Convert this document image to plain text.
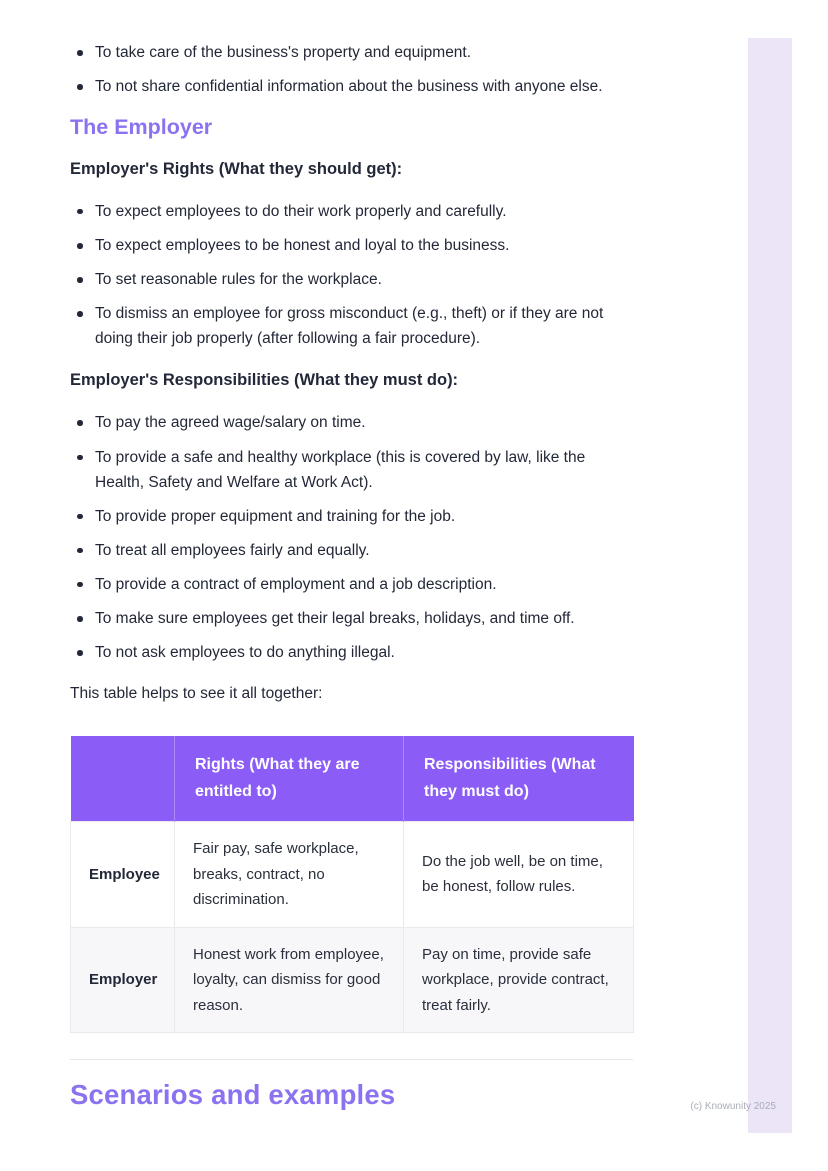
To take care of the business's property and equipment.
To not share confidential information about the business with anyone else.
The Employer

Employer's Rights (What they should get):

To expect employees to do their work properly and carefully.
To expect employees to be honest and loyal to the business.
To set reasonable rules for the workplace.
To dismiss an employee for gross misconduct (e.g., theft) or if they are not doing their job properly (after following a fair procedure).

Employer's Responsibilities (What they must do):

To pay the agreed wage/salary on time.
To provide a safe and healthy workplace (this is covered by law, like the Health, Safety and Welfare at Work Act).
To provide proper equipment and training for the job.
To treat all employees fairly and equally.
To provide a contract of employment and a job description.
To make sure employees get their legal breaks, holidays, and time off.
To not ask employees to do anything illegal.

This table helps to see it all together:

	Rights (What they are entitled to)	Responsibilities (What they must do)
Employee	Fair pay, safe workplace, breaks, contract, no discrimination.	Do the job well, be on time, be honest, follow rules.
Employer	Honest work from employee, loyalty, can dismiss for good reason.	Pay on time, provide safe workplace, provide contract, treat fairly.
Scenarios and examples	(c) Knowunity 2025
